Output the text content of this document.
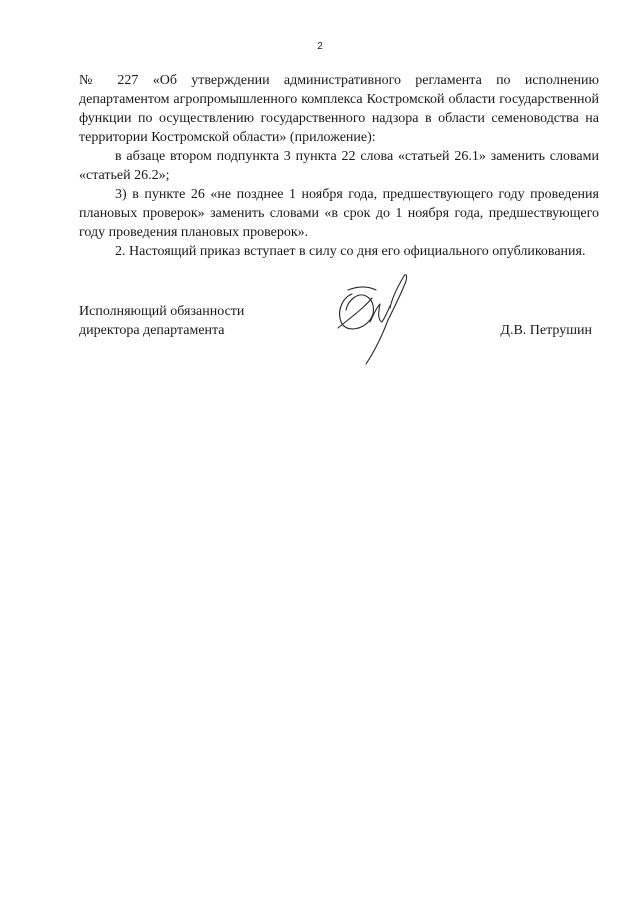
2

№ 227 «Об утверждении административного регламента по исполнению департаментом агропромышленного комплекса Костромской области государственной функции по осуществлению государственного надзора в области семеноводства на территории Костромской области» (приложение):

в абзаце втором подпункта 3 пункта 22 слова «статьей 26.1» заменить словами «статьей 26.2»;

3) в пункте 26 «не позднее 1 ноября года, предшествующего году проведения плановых проверок» заменить словами «в срок до 1 ноября года, предшествующего году проведения плановых проверок».

2. Настоящий приказ вступает в силу со дня его официального опубликования.

Исполняющий обязанности
директора департамента	Д.В. Петрушин
